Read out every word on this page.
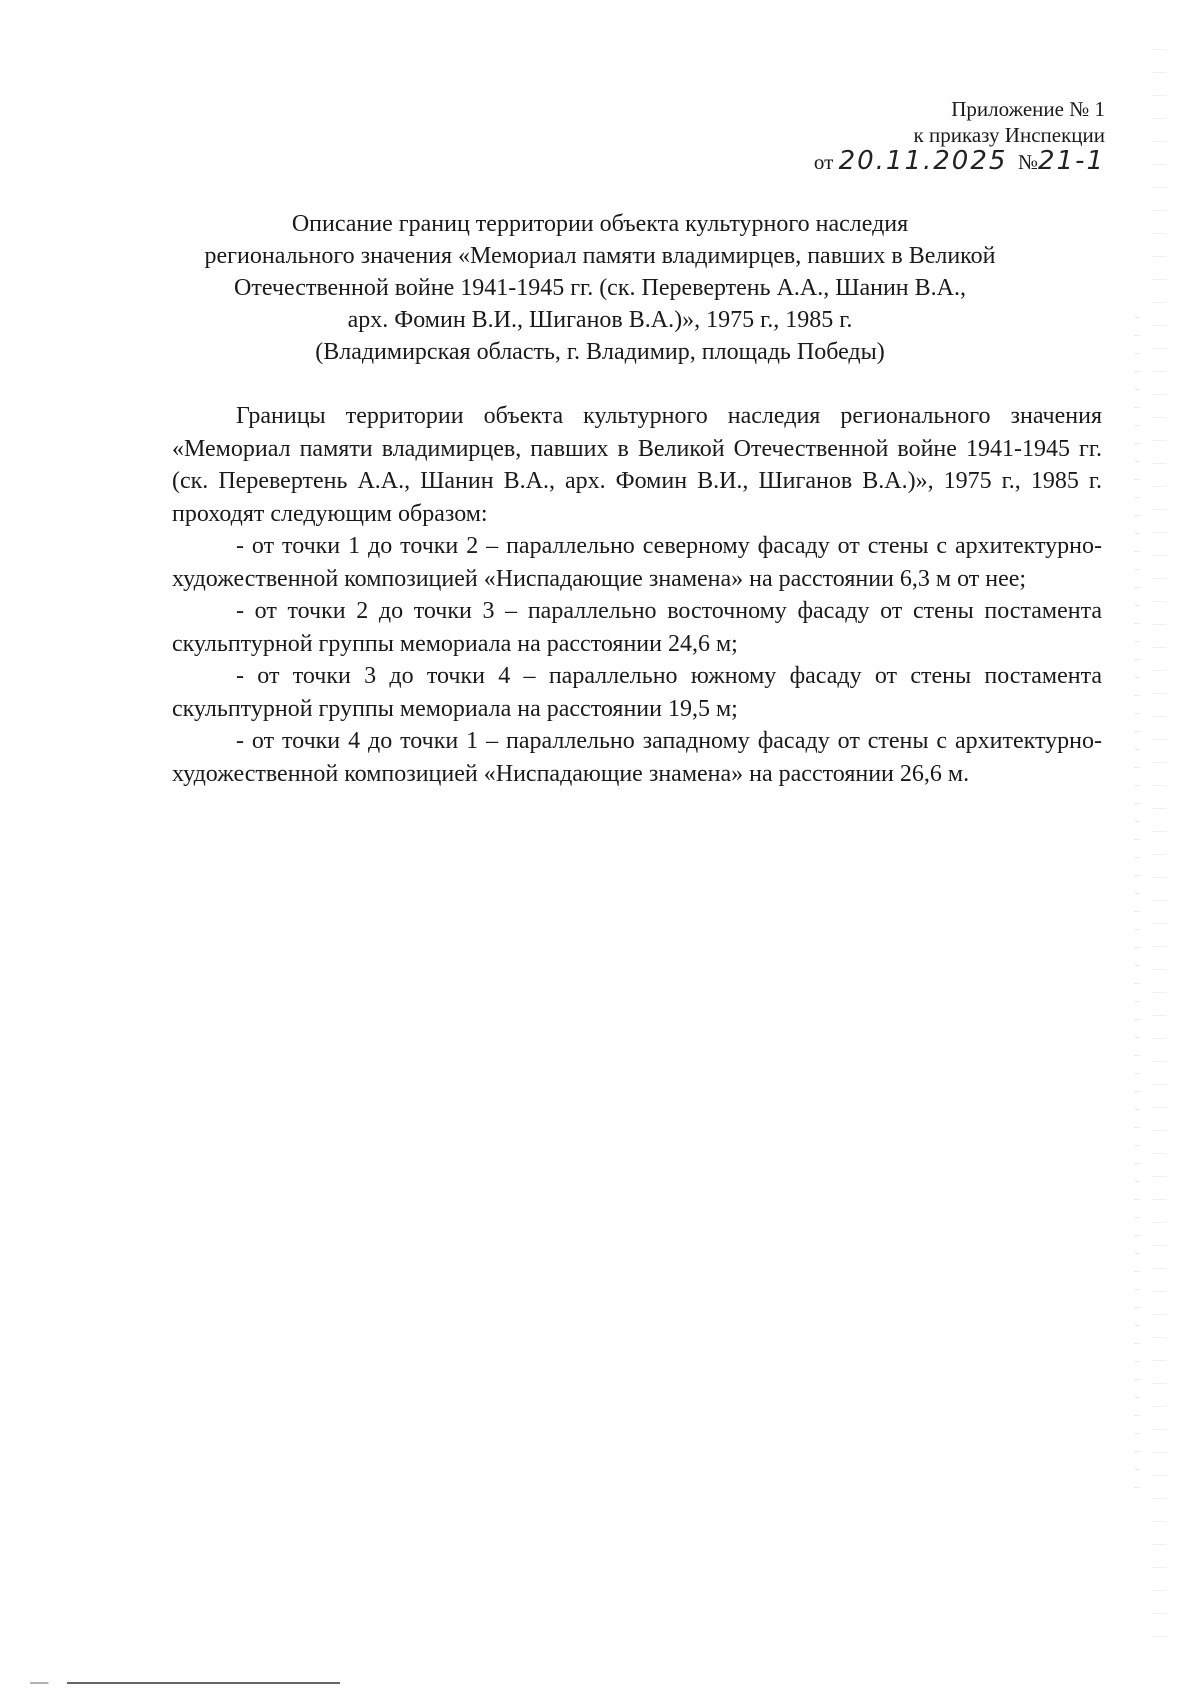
Приложение № 1
к приказу Инспекции
от 20.11.2025 №21-1
Описание границ территории объекта культурного наследия
регионального значения «Мемориал памяти владимирцев, павших в Великой
Отечественной войне 1941-1945 гг. (ск. Перевертень А.А., Шанин В.А.,
арх. Фомин В.И., Шиганов В.А.)», 1975 г., 1985 г.
(Владимирская область, г. Владимир, площадь Победы)

Границы территории объекта культурного наследия регионального значения «Мемориал памяти владимирцев, павших в Великой Отечественной войне 1941-1945 гг. (ск. Перевертень А.А., Шанин В.А., арх. Фомин В.И., Шиганов В.А.)», 1975 г., 1985 г. проходят следующим образом:

- от точки 1 до точки 2 – параллельно северному фасаду от стены с архитектурно-художественной композицией «Ниспадающие знамена» на расстоянии 6,3 м от нее;

- от точки 2 до точки 3 – параллельно восточному фасаду от стены постамента скульптурной группы мемориала на расстоянии 24,6 м;

- от точки 3 до точки 4 – параллельно южному фасаду от стены постамента скульптурной группы мемориала на расстоянии 19,5 м;

- от точки 4 до точки 1 – параллельно западному фасаду от стены с архитектурно-художественной композицией «Ниспадающие знамена» на расстоянии 26,6 м.
